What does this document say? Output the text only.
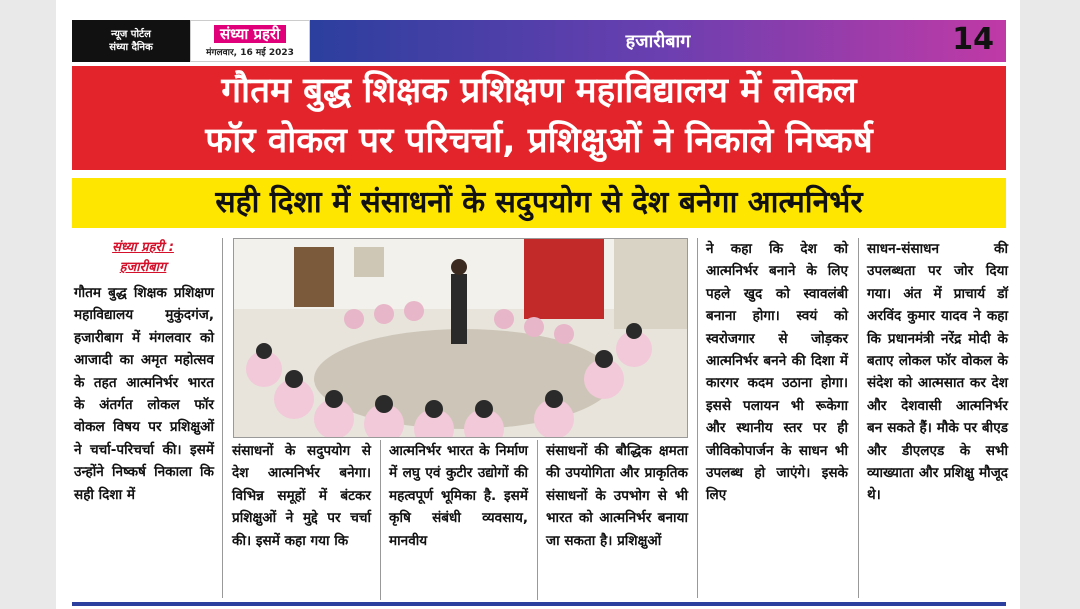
न्यूज पोर्टल
संध्या दैनिक
संध्या प्रहरी
मंगलवार, 16 मई 2023
हजारीबाग	14
गौतम बुद्ध शिक्षक प्रशिक्षण महाविद्यालय में लोकल
फॉर वोकल पर परिचर्चा, प्रशिक्षुओं ने निकाले निष्कर्ष
सही दिशा में संसाधनों के सदुपयोग से देश बनेगा आत्मनिर्भर
संध्या प्रहरी :
हजारीबाग
गौतम बुद्ध शिक्षक प्रशिक्षण महाविद्यालय मुकुंदगंज, हजारीबाग में मंगलवार को आजादी का अमृत महोत्सव के तहत आत्मनिर्भर भारत के अंतर्गत लोकल फॉर वोकल विषय पर प्रशिक्षुओं ने चर्चा-परिचर्चा की। इसमें उन्होंने निष्कर्ष निकाला कि सही दिशा में
संसाधनों के सदुपयोग से देश आत्मनिर्भर बनेगा। विभिन्न समूहों में बंटकर प्रशिक्षुओं ने मुद्दे पर चर्चा की। इसमें कहा गया कि
आत्मनिर्भर भारत के निर्माण में लघु एवं कुटीर उद्योगों की महत्वपूर्ण भूमिका है. इसमें कृषि संबंधी व्यवसाय, मानवीय
संसाधनों की बौद्धिक क्षमता की उपयोगिता और प्राकृतिक संसाधनों के उपभोग से भी भारत को आत्मनिर्भर बनाया जा सकता है। प्रशिक्षुओं
ने कहा कि देश को आत्मनिर्भर बनाने के लिए पहले खुद को स्वावलंबी बनाना होगा। स्वयं को स्वरोजगार से जोड़कर आत्मनिर्भर बनने की दिशा में कारगर कदम उठाना होगा। इससे पलायन भी रूकेगा और स्थानीय स्तर पर ही जीविकोपार्जन के साधन भी उपलब्ध हो जाएंगे। इसके लिए
साधन-संसाधन की उपलब्धता पर जोर दिया गया। अंत में प्राचार्य डॉ अरविंद कुमार यादव ने कहा कि प्रधानमंत्री नरेंद्र मोदी के बताए लोकल फॉर वोकल के संदेश को आत्मसात कर देश और देशवासी आत्मनिर्भर बन सकते हैं। मौके पर बीएड और डीएलएड के सभी व्याख्याता और प्रशिक्षु मौजूद थे।
